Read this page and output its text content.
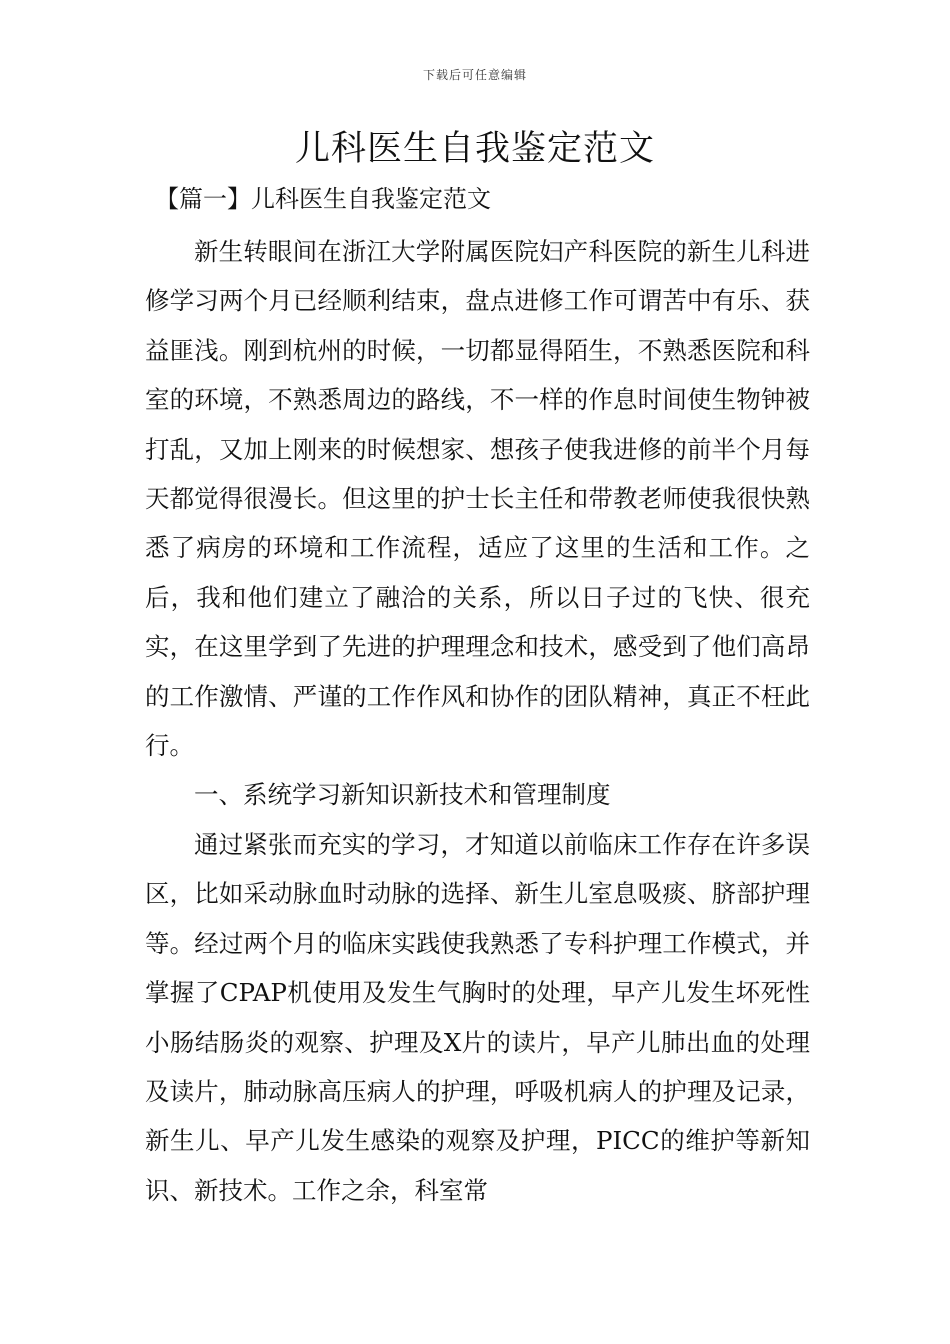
下载后可任意编辑
儿科医生自我鉴定范文
【篇一】儿科医生自我鉴定范文

新生转眼间在浙江大学附属医院妇产科医院的新生儿科进修学习两个月已经顺利结束，盘点进修工作可谓苦中有乐、获益匪浅。刚到杭州的时候，一切都显得陌生，不熟悉医院和科室的环境，不熟悉周边的路线，不一样的作息时间使生物钟被打乱，又加上刚来的时候想家、想孩子使我进修的前半个月每天都觉得很漫长。但这里的护士长主任和带教老师使我很快熟悉了病房的环境和工作流程，适应了这里的生活和工作。之后，我和他们建立了融洽的关系，所以日子过的飞快、很充实，在这里学到了先进的护理理念和技术，感受到了他们高昂的工作激情、严谨的工作作风和协作的团队精神，真正不枉此行。

一、系统学习新知识新技术和管理制度

通过紧张而充实的学习，才知道以前临床工作存在许多误区，比如采动脉血时动脉的选择、新生儿室息吸痰、脐部护理等。经过两个月的临床实践使我熟悉了专科护理工作模式，并掌握了CPAP机使用及发生气胸时的处理，早产儿发生坏死性小肠结肠炎的观察、护理及X片的读片，早产儿肺出血的处理及读片，肺动脉高压病人的护理，呼吸机病人的护理及记录，新生儿、早产儿发生感染的观察及护理，PICC的维护等新知识、新技术。工作之余，科室常
